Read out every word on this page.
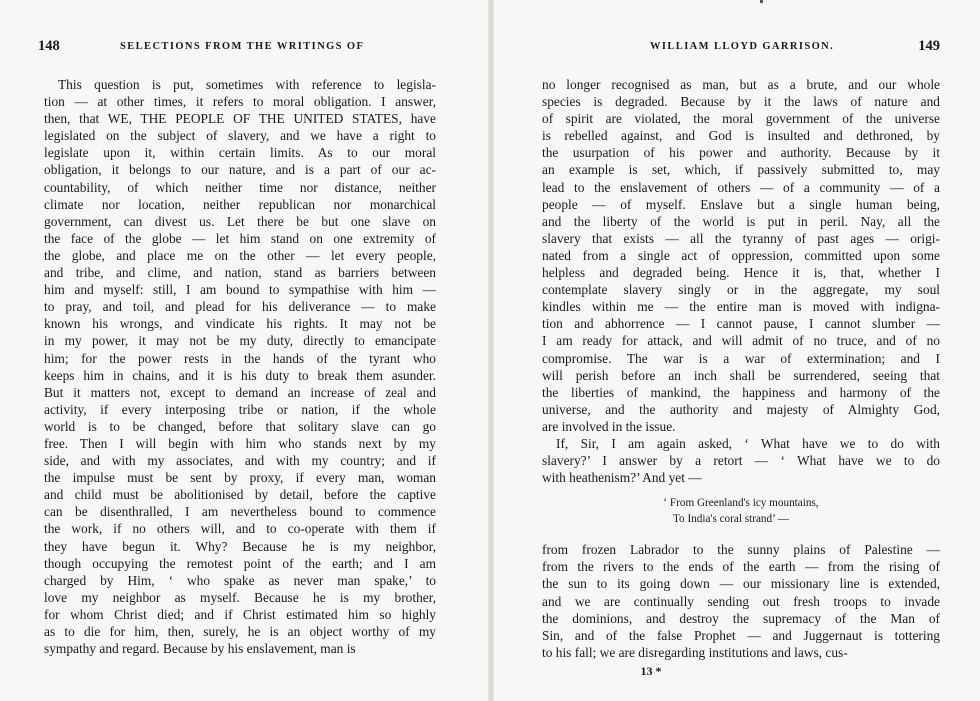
148	SELECTIONS FROM THE WRITINGS OF
This question is put, sometimes with reference to legisla-
tion — at other times, it refers to moral obligation. I answer,
then, that WE, THE PEOPLE OF THE UNITED STATES, have
legislated on the subject of slavery, and we have a right to
legislate upon it, within certain limits. As to our moral
obligation, it belongs to our nature, and is a part of our ac-
countability, of which neither time nor distance, neither
climate nor location, neither republican nor monarchical
government, can divest us. Let there be but one slave on
the face of the globe — let him stand on one extremity of
the globe, and place me on the other — let every people,
and tribe, and clime, and nation, stand as barriers between
him and myself: still, I am bound to sympathise with him —
to pray, and toil, and plead for his deliverance — to make
known his wrongs, and vindicate his rights. It may not be
in my power, it may not be my duty, directly to emancipate
him; for the power rests in the hands of the tyrant who
keeps him in chains, and it is his duty to break them asunder.
But it matters not, except to demand an increase of zeal and
activity, if every interposing tribe or nation, if the whole
world is to be changed, before that solitary slave can go
free. Then I will begin with him who stands next by my
side, and with my associates, and with my country; and if
the impulse must be sent by proxy, if every man, woman
and child must be abolitionised by detail, before the captive
can be disenthralled, I am nevertheless bound to commence
the work, if no others will, and to co-operate with them if
they have begun it. Why? Because he is my neighbor,
though occupying the remotest point of the earth; and I am
charged by Him, ‘ who spake as never man spake,’ to
love my neighbor as myself. Because he is my brother,
for whom Christ died; and if Christ estimated him so highly
as to die for him, then, surely, he is an object worthy of my
sympathy and regard. Because by his enslavement, man is
WILLIAM LLOYD GARRISON.	149
no longer recognised as man, but as a brute, and our whole
species is degraded. Because by it the laws of nature and
of spirit are violated, the moral government of the universe
is rebelled against, and God is insulted and dethroned, by
the usurpation of his power and authority. Because by it
an example is set, which, if passively submitted to, may
lead to the enslavement of others — of a community — of a
people — of myself. Enslave but a single human being,
and the liberty of the world is put in peril. Nay, all the
slavery that exists — all the tyranny of past ages — origi-
nated from a single act of oppression, committed upon some
helpless and degraded being. Hence it is, that, whether I
contemplate slavery singly or in the aggregate, my soul
kindles within me — the entire man is moved with indigna-
tion and abhorrence — I cannot pause, I cannot slumber —
I am ready for attack, and will admit of no truce, and of no
compromise. The war is a war of extermination; and I
will perish before an inch shall be surrendered, seeing that
the liberties of mankind, the happiness and harmony of the
universe, and the authority and majesty of Almighty God,
are involved in the issue.
If, Sir, I am again asked, ‘ What have we to do with
slavery?’ I answer by a retort — ‘ What have we to do
with heathenism?’ And yet —
‘ From Greenland's icy mountains,
To India's coral strand’ —
from frozen Labrador to the sunny plains of Palestine —
from the rivers to the ends of the earth — from the rising of
the sun to its going down — our missionary line is extended,
and we are continually sending out fresh troops to invade
the dominions, and destroy the supremacy of the Man of
Sin, and of the false Prophet — and Juggernaut is tottering
to his fall; we are disregarding institutions and laws, cus-
13 *
